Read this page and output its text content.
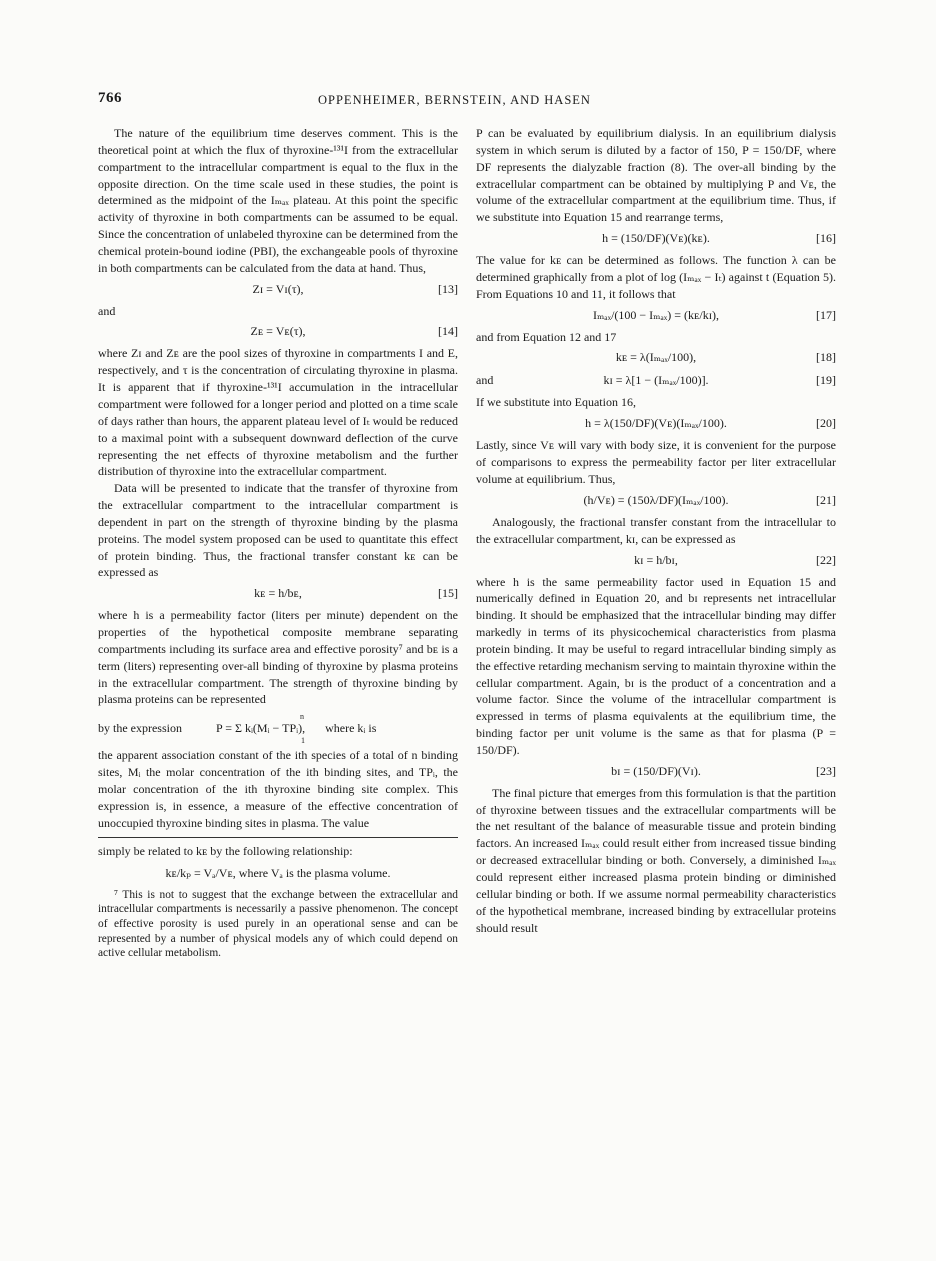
766	OPPENHEIMER, BERNSTEIN, AND HASEN

The nature of the equilibrium time deserves comment. This is the theoretical point at which the flux of thyroxine-¹³¹I from the extracellular compartment to the intracellular compartment is equal to the flux in the opposite direction. On the time scale used in these studies, the point is determined as the midpoint of the Iₘₐₓ plateau. At this point the specific activity of thyroxine in both compartments can be assumed to be equal. Since the concentration of unlabeled thyroxine can be determined from the chemical protein-bound iodine (PBI), the exchangeable pools of thyroxine in both compartments can be calculated from the data at hand. Thus,

Zɪ = Vɪ(τ),	[13]

and

Zᴇ = Vᴇ(τ),	[14]

where Zɪ and Zᴇ are the pool sizes of thyroxine in compartments I and E, respectively, and τ is the concentration of circulating thyroxine in plasma. It is apparent that if thyroxine-¹³¹I accumulation in the intracellular compartment were followed for a longer period and plotted on a time scale of days rather than hours, the apparent plateau level of Iₜ would be reduced to a maximal point with a subsequent downward deflection of the curve representing the net effects of thyroxine metabolism and the further distribution of thyroxine into the extracellular compartment.

Data will be presented to indicate that the transfer of thyroxine from the extracellular compartment to the intracellular compartment is dependent in part on the strength of thyroxine binding by the plasma proteins. The model system proposed can be used to quantitate this effect of protein binding. Thus, the fractional transfer constant kᴇ can be expressed as

kᴇ = h/bᴇ,	[15]

where h is a permeability factor (liters per minute) dependent on the properties of the hypothetical composite membrane separating compartments including its surface area and effective porosity⁷ and bᴇ is a term (liters) representing over-all binding of thyroxine by plasma proteins in the extracellular compartment. The strength of thyroxine binding by plasma proteins can be represented

n
by the expression	P = Σ kᵢ(Mᵢ − TPᵢ), where kᵢ is
1

the apparent association constant of the ith species of a total of n binding sites, Mᵢ the molar concentration of the ith binding sites, and TPᵢ, the molar concentration of the ith thyroxine binding site complex. This expression is, in essence, a measure of the effective concentration of unoccupied thyroxine binding sites in plasma. The value

simply be related to kᴇ by the following relationship:

kᴇ/kₚ = Vₐ/Vᴇ, where Vₐ is the plasma volume.

⁷ This is not to suggest that the exchange between the extracellular and intracellular compartments is necessarily a passive phenomenon. The concept of effective porosity is used purely in an operational sense and can be represented by a number of physical models any of which could depend on active cellular metabolism.

P can be evaluated by equilibrium dialysis. In an equilibrium dialysis system in which serum is diluted by a factor of 150, P = 150/DF, where DF represents the dialyzable fraction (8). The over-all binding by the extracellular compartment can be obtained by multiplying P and Vᴇ, the volume of the extracellular compartment at the equilibrium time. Thus, if we substitute into Equation 15 and rearrange terms,

h = (150/DF)(Vᴇ)(kᴇ).	[16]

The value for kᴇ can be determined as follows. The function λ can be determined graphically from a plot of log (Iₘₐₓ − Iₜ) against t (Equation 5). From Equations 10 and 11, it follows that

Iₘₐₓ/(100 − Iₘₐₓ) = (kᴇ/kɪ),	[17]

and from Equation 12 and 17

kᴇ = λ(Iₘₐₓ/100),	[18]
and	kɪ = λ[1 − (Iₘₐₓ/100)].	[19]

If we substitute into Equation 16,

h = λ(150/DF)(Vᴇ)(Iₘₐₓ/100).	[20]

Lastly, since Vᴇ will vary with body size, it is convenient for the purpose of comparisons to express the permeability factor per liter extracellular volume at equilibrium. Thus,

(h/Vᴇ) = (150λ/DF)(Iₘₐₓ/100).	[21]

Analogously, the fractional transfer constant from the intracellular to the extracellular compartment, kɪ, can be expressed as

kɪ = h/bɪ,	[22]

where h is the same permeability factor used in Equation 15 and numerically defined in Equation 20, and bɪ represents net intracellular binding. It should be emphasized that the intracellular binding may differ markedly in terms of its physicochemical characteristics from plasma protein binding. It may be useful to regard intracellular binding simply as the effective retarding mechanism serving to maintain thyroxine within the cellular compartment. Again, bɪ is the product of a concentration and a volume factor. Since the volume of the intracellular compartment is expressed in terms of plasma equivalents at the equilibrium time, the binding factor per unit volume is the same as that for plasma (P = 150/DF).

bɪ = (150/DF)(Vɪ).	[23]

The final picture that emerges from this formulation is that the partition of thyroxine between tissues and the extracellular compartments will be the net resultant of the balance of measurable tissue and protein binding factors. An increased Iₘₐₓ could result either from increased tissue binding or decreased extracellular binding or both. Conversely, a diminished Iₘₐₓ could represent either increased plasma protein binding or diminished cellular binding or both. If we assume normal permeability characteristics of the hypothetical membrane, increased binding by extracellular proteins should result
